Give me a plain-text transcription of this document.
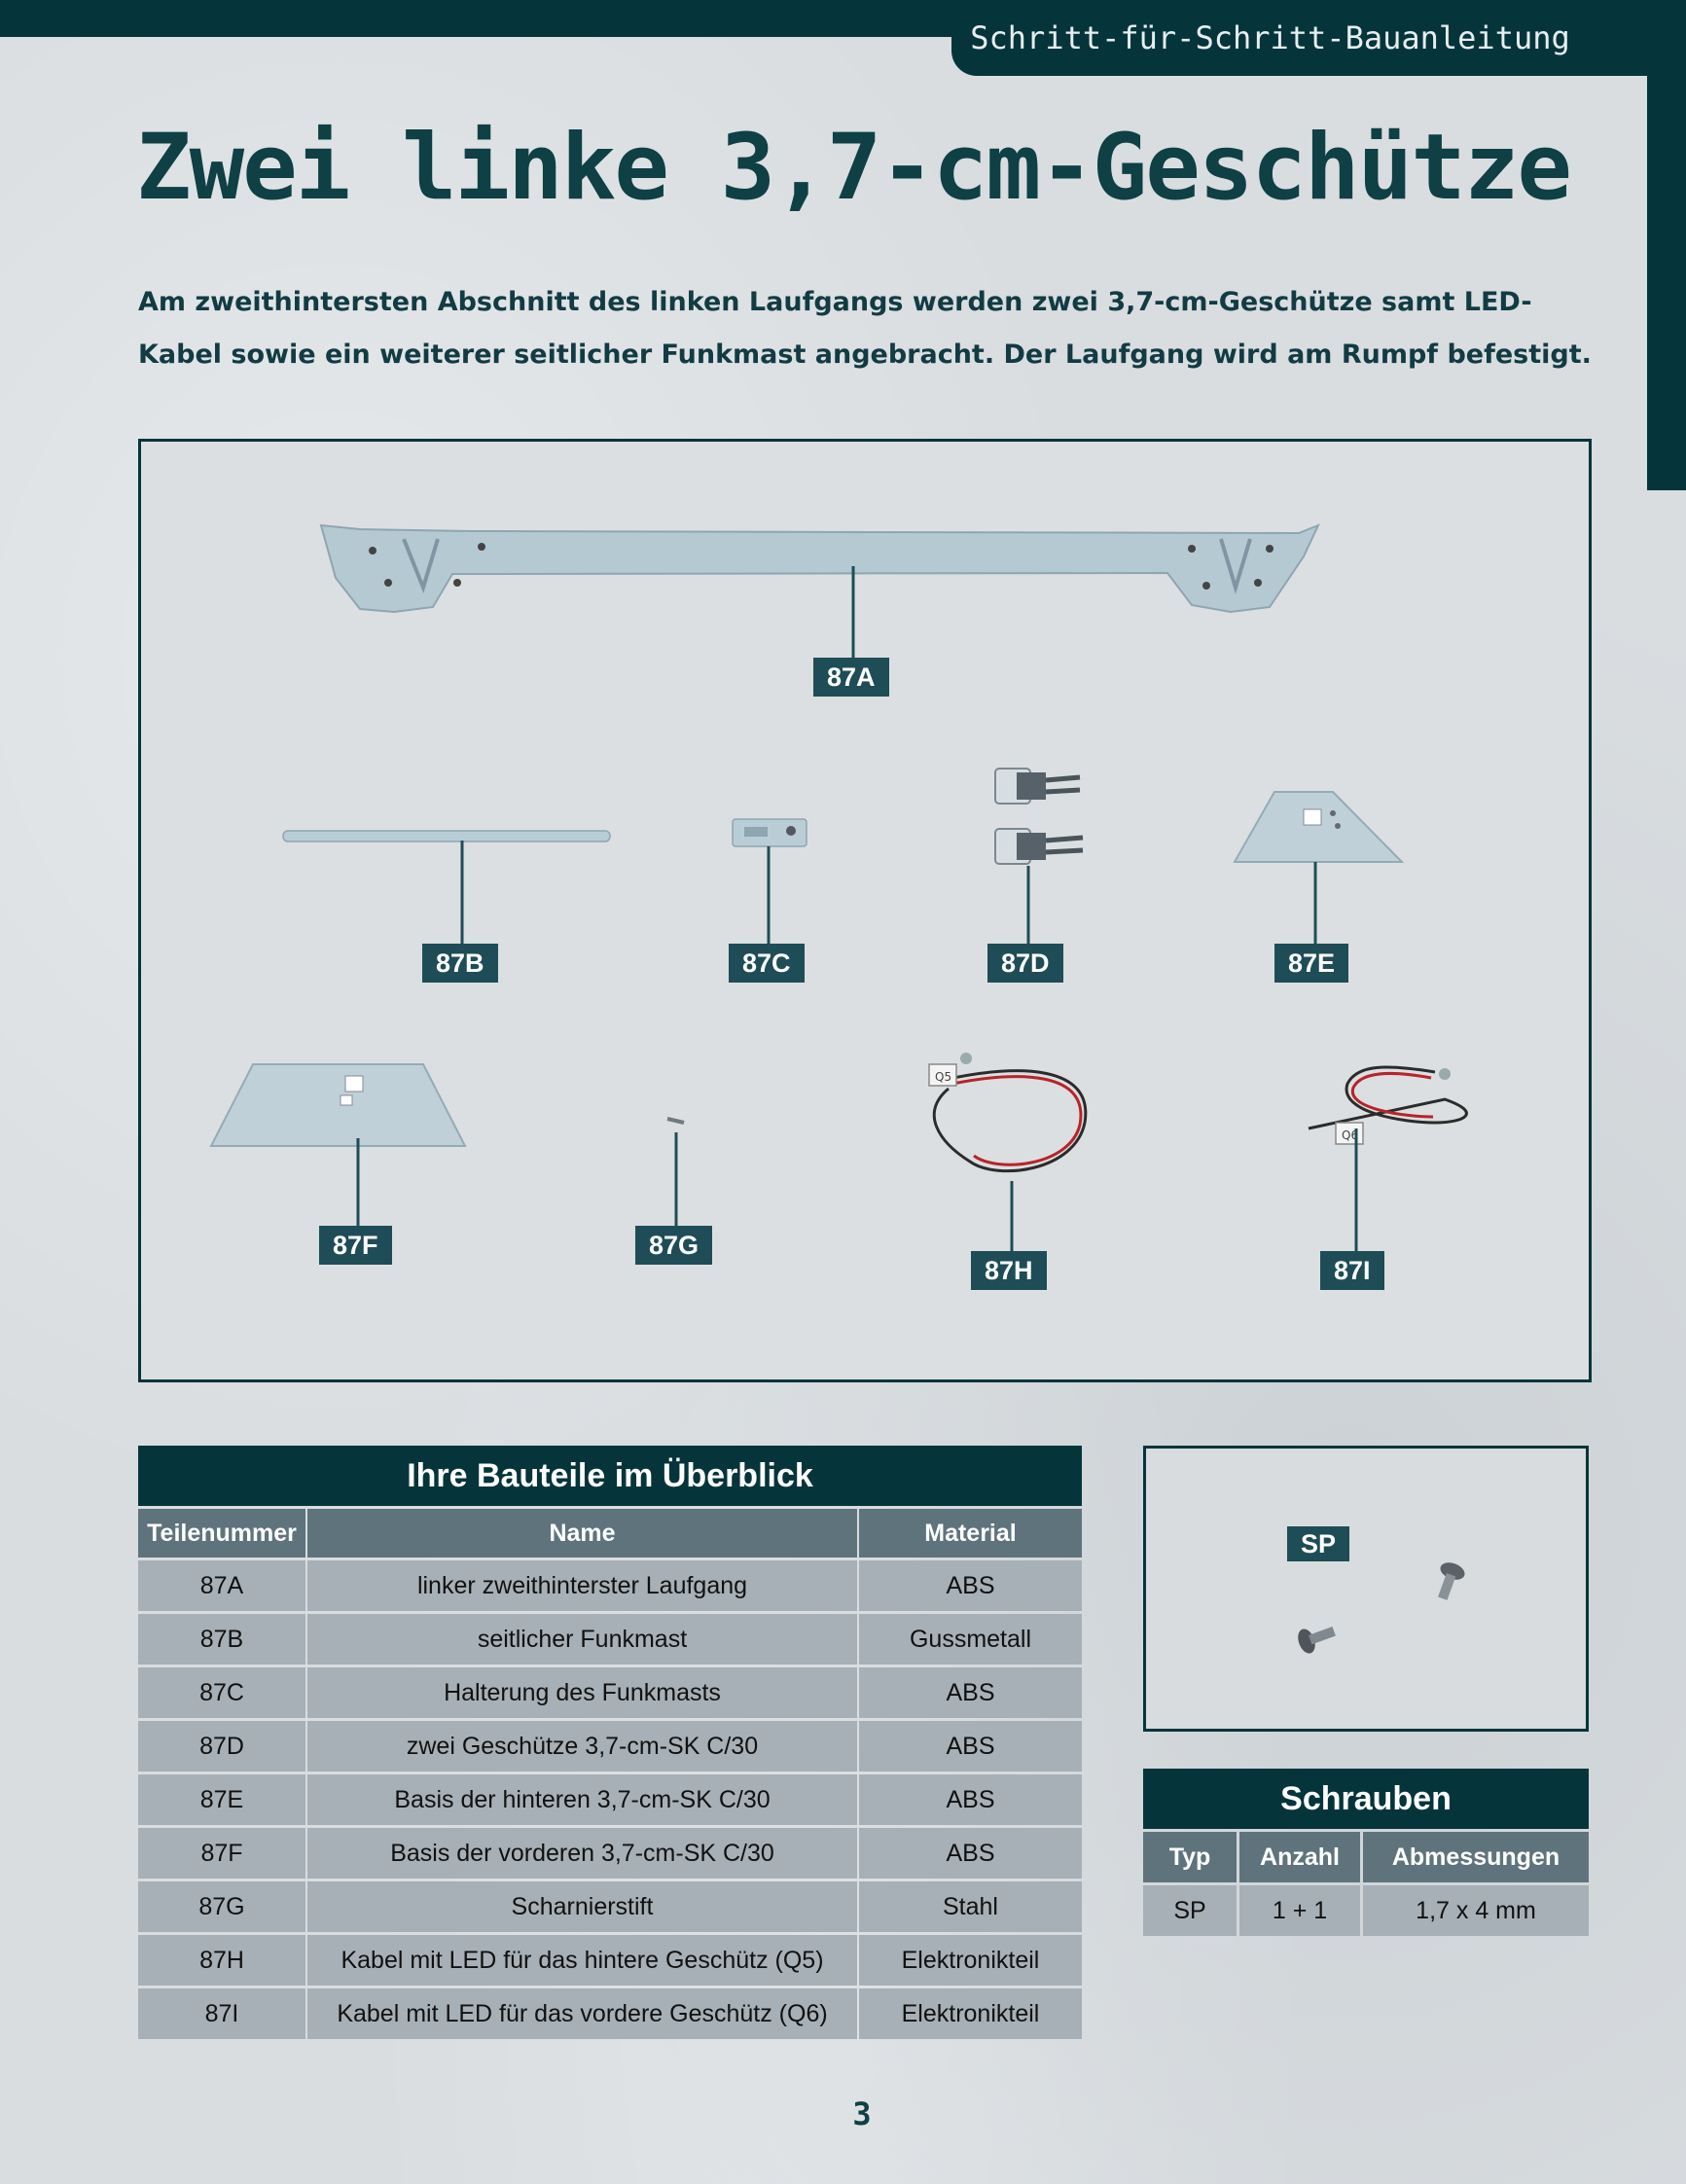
Schritt-für-Schritt-Bauanleitung
Zwei linke 3,7-cm-Geschütze

Am zweithintersten Abschnitt des linken Laufgangs werden zwei 3,7-cm-Geschütze samt LED-Kabel sowie ein weiterer seitlicher Funkmast angebracht. Der Laufgang wird am Rumpf befestigt.

Q5
Q6
87A
87B	87C	87D	87E
87F	87G
87H	87I
Ihre Bauteile im Überblick
Teilenummer	Name	Material
87A	linker zweithinterster Laufgang	ABS
87B	seitlicher Funkmast	Gussmetall
87C	Halterung des Funkmasts	ABS
87D	zwei Geschütze 3,7-cm-SK C/30	ABS
87E	Basis der hinteren 3,7-cm-SK C/30	ABS
87F	Basis der vorderen 3,7-cm-SK C/30	ABS
87G	Scharnierstift	Stahl
87H	Kabel mit LED für das hintere Geschütz (Q5)	Elektronikteil
87I	Kabel mit LED für das vordere Geschütz (Q6)	Elektronikteil
SP
Schrauben
Typ	Anzahl	Abmessungen
SP	1 + 1	1,7 x 4 mm
3
